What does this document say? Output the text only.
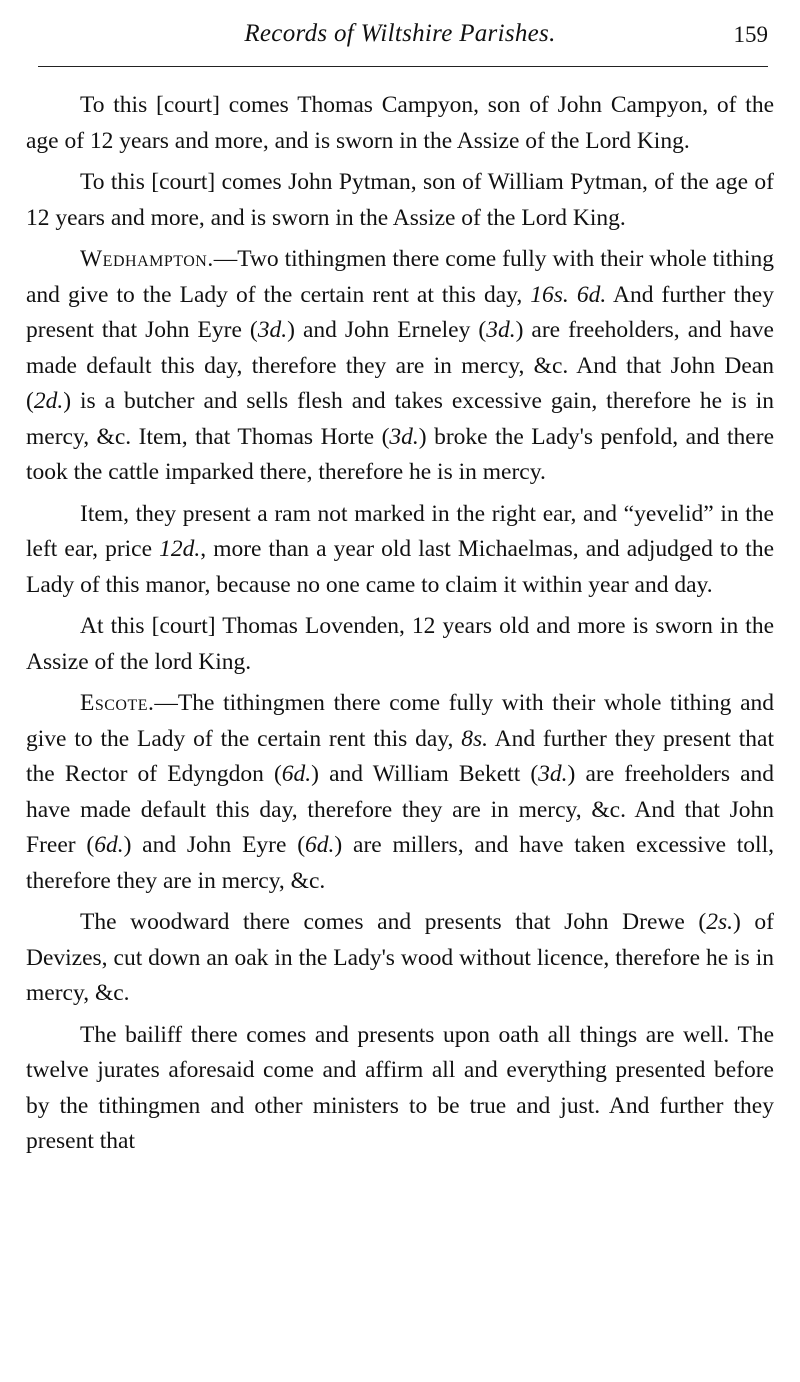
Records of Wiltshire Parishes.	159

To this [court] comes Thomas Campyon, son of John Campyon, of the age of 12 years and more, and is sworn in the Assize of the Lord King.

To this [court] comes John Pytman, son of William Pytman, of the age of 12 years and more, and is sworn in the Assize of the Lord King.

Wedhampton.—Two tithingmen there come fully with their whole tithing and give to the Lady of the certain rent at this day, 16s. 6d. And further they present that John Eyre (3d.) and John Erneley (3d.) are freeholders, and have made default this day, therefore they are in mercy, &c. And that John Dean (2d.) is a butcher and sells flesh and takes excessive gain, therefore he is in mercy, &c. Item, that Thomas Horte (3d.) broke the Lady's penfold, and there took the cattle imparked there, therefore he is in mercy.

Item, they present a ram not marked in the right ear, and “yevelid” in the left ear, price 12d., more than a year old last Michaelmas, and adjudged to the Lady of this manor, because no one came to claim it within year and day.

At this [court] Thomas Lovenden, 12 years old and more is sworn in the Assize of the lord King.

Escote.—The tithingmen there come fully with their whole tithing and give to the Lady of the certain rent this day, 8s. And further they present that the Rector of Edyngdon (6d.) and William Bekett (3d.) are freeholders and have made default this day, therefore they are in mercy, &c. And that John Freer (6d.) and John Eyre (6d.) are millers, and have taken excessive toll, therefore they are in mercy, &c.

The woodward there comes and presents that John Drewe (2s.) of Devizes, cut down an oak in the Lady's wood without licence, therefore he is in mercy, &c.

The bailiff there comes and presents upon oath all things are well. The twelve jurates aforesaid come and affirm all and everything presented before by the tithingmen and other ministers to be true and just. And further they present that
